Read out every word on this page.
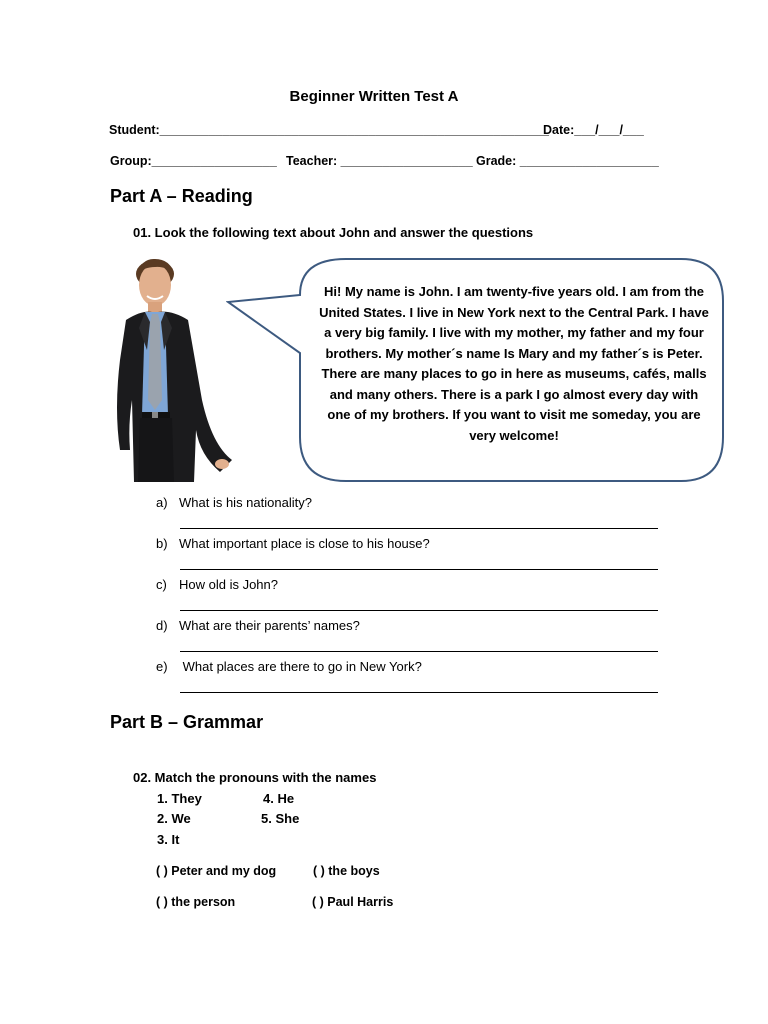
Beginner Written Test A
Student:________________________________________________________
Date:___/___/___
Group:__________________ Teacher: ___________________ Grade: ____________________
Part A – Reading
01. Look the following text about John and answer the questions
Hi! My name is John. I am twenty-five years old. I am from the United States. I live in New York next to the Central Park. I have a very big family. I live with my mother, my father and my four brothers. My mother´s name Is Mary and my father´s is Peter. There are many places to go in here as museums, cafés, malls and many others. There is a park I go almost every day with one of my brothers. If you want to visit me someday, you are very welcome!
a) What is his nationality?
b) What important place is close to his house?
c) How old is John?
d) What are their parents’ names?
e) What places are there to go in New York?
Part B – Grammar
02. Match the pronouns with the names
1. They
2. We
3. It
4. He
5. She
( ) Peter and my dog	( ) the boys
( ) the person	( ) Paul Harris
